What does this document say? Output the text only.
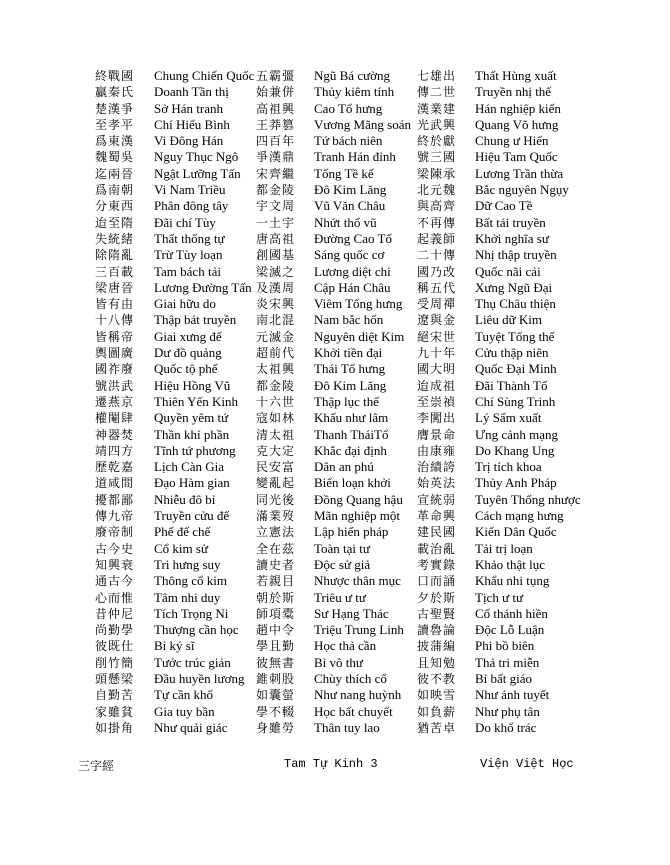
終戰國 Chung Chiến Quốc 五霸彊 Ngũ Bá cường 七雄出 Thất Hùng xuất
贏秦氏 Doanh Tần thị 始兼併 Thủy kiêm tính 傳二世 Truyền nhị thế
楚漢爭 Sở Hán tranh	高祖興 Cao Tổ hưng	漢業建 Hán nghiệp kiến
至孝平 Chí Hiếu Bình 王莽篡 Vương Mãng soán 光武興 Quang Võ hưng
爲東漢 Vi Đông Hán	四百年 Tứ bách niên	終於獻 Chung ư Hiến
魏蜀吳 Nguy Thục Ngô 爭漢鼎 Tranh Hán đỉnh 號三國 Hiệu Tam Quốc
迄兩晉 Ngật Lưỡng Tấn 宋齊繼 Tống Tề kế	梁陳承 Lương Trần thừa
爲南朝 Vi Nam Triều	都金陵 Đô Kim Lăng	北元魏 Bắc nguyên Ngụy
分東西 Phân đông tây 宇文周 Vũ Văn Châu	與高齊 Dữ Cao Tề
迨至隋 Đãi chí Tùy	一土宇 Nhứt thổ vũ	不再傳 Bất tái truyền
失統緒 Thất thống tự	唐高祖 Đường Cao Tổ 起義師 Khởi nghĩa sư
除隋亂 Trừ Tùy loạn	創國基 Sáng quốc cơ	二十傳 Nhị thập truyền
三百載 Tam bách tải	梁滅之 Lương diệt chi 國乃改 Quốc nãi cải
梁唐晉 Lương Đường Tấn 及漢周 Cập Hán Châu 稱五代 Xưng Ngũ Đại
皆有由 Giai hữu do	炎宋興 Viêm Tống hưng 受周禪 Thụ Châu thiện
十八傳 Thập bát truyền 南北混 Nam bắc hổn	遼與金 Liêu dữ Kim
皆稱帝 Giai xưng đế	元滅金 Nguyên diệt Kim 絕宋世 Tuyệt Tống thế
輿圖廣 Dư đồ quảng	超前代 Khởi tiền đại	九十年 Cửu thập niên
國祚廢 Quốc tộ phế	太祖興 Thái Tổ hưng	國大明 Quốc Đại Minh
號洪武 Hiệu Hồng Vũ 都金陵 Đô Kim Lăng	迨成祖 Đãi Thành Tổ
遷燕京 Thiên Yến Kinh 十六世 Thập lục thế	至崇禎 Chí Sùng Trinh
權閹肆 Quyền yêm tứ 寇如林 Khấu như lâm 李闖出 Lý Sấm xuất
神器焚 Thần khí phần 清太祖 Thanh TháiTổ 膺景命 Ưng cảnh mạng
靖四方 Tĩnh tứ phương 克大定 Khắc đại định	由康雍 Do Khang Ung
歷乾嘉 Lịch Càn Gia	民安富 Dân an phú	治績誇 Trị tích khoa
道咸間 Đạo Hàm gian 變亂起 Biến loạn khởi 始英法 Thủy Anh Pháp
擾都鄙 Nhiễu đô bỉ	同光後 Đồng Quang hậu 宣統弱 Tuyên Thống nhược
傳九帝 Truyền cửu đế 滿業歿 Mãn nghiệp một 革命興 Cách mạng hưng
廢帝制 Phế đế chế	立憲法 Lập hiến pháp 建民國 Kiến Dân Quốc
古今史 Cổ kim sử	全在茲 Toàn tại tư	載治亂 Tải trị loạn
知興衰 Tri hưng suy	讀史者 Độc sử giả	考實錄 Khảo thật lục
通古今 Thông cổ kim 若親目 Nhược thân mục 口而誦 Khẩu nhi tụng
心而惟 Tâm nhi duy	朝於斯 Triêu ư tư	夕於斯 Tịch ư tư
昔仲尼 Tích Trọng Ni 師項橐 Sư Hạng Thác 古聖賢 Cổ thánh hiền
尚勤學 Thượng cần học 趙中令 Triệu Trung Linh 讀魯論 Độc Lỗ Luận
彼既仕 Bỉ ký sĩ	學且勤 Học thả cần	披蒲編 Phi bồ biên
削竹簡 Tước trúc giản 彼無書 Bỉ vô thư	且知勉 Thả tri miễn
頭懸梁 Đầu huyền lương 錐刺股 Chùy thích cổ	彼不教 Bỉ bất giáo
自勤苦 Tự cần khổ	如囊螢 Như nang huỳnh 如映雪 Như ánh tuyết
家雖貧 Gia tuy bần	學不輟 Học bất chuyết 如負薪 Như phụ tân
如掛角 Như quải giác 身雖勞 Thân tuy lao	猶苦卓 Do khổ trác
三字經	Tam Tự Kinh 3	Viện Việt Học
